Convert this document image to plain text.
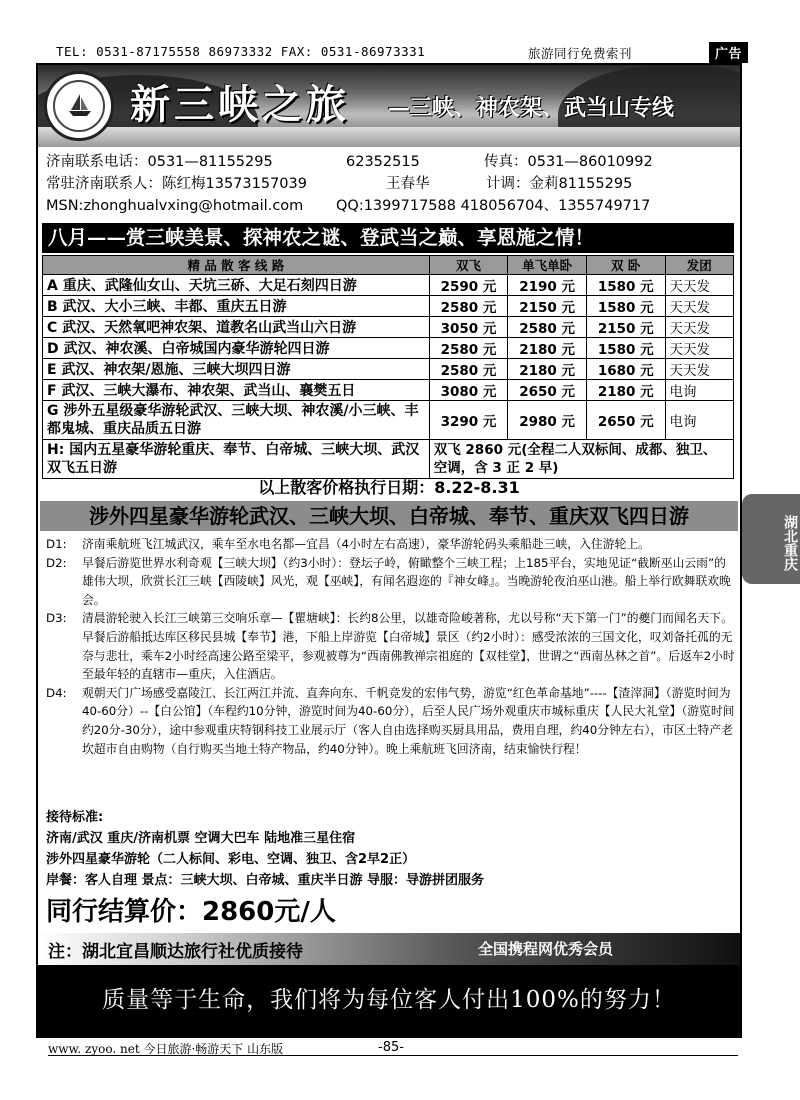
TEL: 0531-87175558 86973332 FAX: 0531-86973331	旅游同行免费索刊	广告
新三峡之旅 —三峡、神农架、武当山专线
济南联系电话：0531—81155295	62352515	传真：0531—86010992
常驻济南联系人：陈红梅13573157039	王春华	计调：金莉81155295
MSN:zhonghualvxing@hotmail.com QQ:1399717588 418056704、1355749717
八月——赏三峡美景、探神农之谜、登武当之巅、享恩施之情！
精 品 散 客 线 路	双飞	单飞单卧	双 卧	发团
A 重庆、武隆仙女山、天坑三硚、大足石刻四日游	2590 元	2190 元	1580 元	天天发
B 武汉、大小三峡、丰都、重庆五日游	2580 元	2150 元	1580 元	天天发
C 武汉、天然氧吧神农架、道教名山武当山六日游	3050 元	2580 元	2150 元	天天发
D 武汉、神农溪、白帝城国内豪华游轮四日游	2580 元	2180 元	1580 元	天天发
E 武汉、神农架/恩施、三峡大坝四日游	2580 元	2180 元	1680 元	天天发
F 武汉、三峡大瀑布、神农架、武当山、襄樊五日	3080 元	2650 元	2180 元	电询
G 涉外五星级豪华游轮武汉、三峡大坝、神农溪/小三峡、丰都鬼城、重庆品质五日游	3290 元	2980 元	2650 元	电询
H: 国内五星豪华游轮重庆、奉节、白帝城、三峡大坝、武汉双飞五日游	双飞 2860 元(全程二人双标间、成都、独卫、空调，含 3 正 2 早)			
以上散客价格执行日期：8.22-8.31
涉外四星豪华游轮武汉、三峡大坝、白帝城、奉节、重庆双飞四日游
D1: 济南乘航班飞江城武汉，乘车至水电名都—宜昌（4小时左右高速），豪华游轮码头乘船赴三峡，入住游轮上。
D2: 早餐后游览世界水利奇观【三峡大坝】（约3小时）：登坛子岭，俯瞰整个三峡工程；上185平台，实地见证“截断巫山云雨”的雄伟大坝，欣赏长江三峡【西陵峡】风光，观【巫峡】，有闻名遐迩的『神女峰』。当晚游轮夜泊巫山港。船上举行欧舞联欢晚会。
D3: 清晨游轮驶入长江三峡第三交响乐章—【瞿塘峡】：长约8公里，以雄奇险峻著称，尤以号称“天下第一门”的夔门而闻名天下。早餐后游船抵达库区移民县城【奉节】港，下船上岸游览【白帝城】景区（约2小时）：感受浓浓的三国文化，叹刘备托孤的无奈与悲壮，乘车2小时经高速公路至梁平，参观被尊为“西南佛教禅宗祖庭的【双桂堂】，世谓之“西南丛林之首”。后返车2小时至最年轻的直辖市—重庆，入住酒店。
D4: 观朝天门广场感受嘉陵江、长江两江并流、直奔向东、千帆竞发的宏伟气势，游览“红色革命基地”----【渣滓洞】（游览时间为40-60分）--【白公馆】（车程约10分钟，游览时间为40-60分），后至人民广场外观重庆市城标重庆【人民大礼堂】（游览时间约20分-30分），途中参观重庆特钢科技工业展示厅（客人自由选择购买厨具用品，费用自理，约40分钟左右），市区土特产老坎超市自由购物（自行购买当地土特产物品，约40分钟）。晚上乘航班飞回济南，结束愉快行程！
接待标准:
济南/武汉 重庆/济南机票 空调大巴车 陆地准三星住宿
涉外四星豪华游轮（二人标间、彩电、空调、独卫、含2早2正）
岸餐：客人自理 景点：三峡大坝、白帝城、重庆半日游 导服：导游拼团服务
同行结算价：2860元/人
注：湖北宜昌顺达旅行社优质接待	全国携程网优秀会员
质量等于生命，我们将为每位客人付出100%的努力！
湖北重庆
www. zyoo. net 今日旅游·畅游天下 山东版	-85-
